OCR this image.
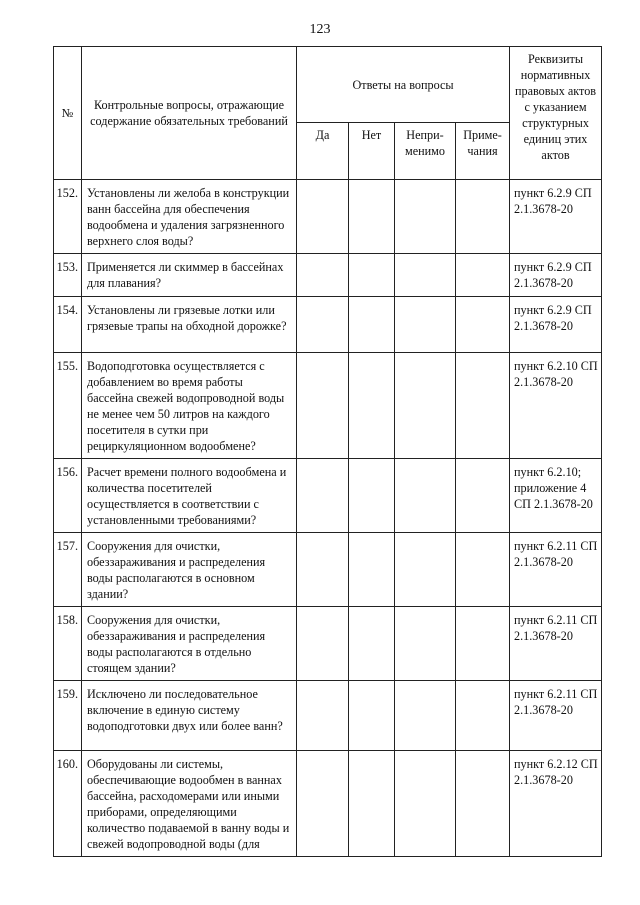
123
№	Контрольные вопросы, отражающие содержание обязательных требований	Ответы на вопросы				Реквизиты нормативных правовых актов с указанием структурных единиц этих актов
		Да	Нет	Непри-менимо	Приме-чания	
152.	Установлены ли желоба в конструкции ванн бассейна для обеспечения водообмена и удаления загрязненного верхнего слоя воды?					пункт 6.2.9 СП 2.1.3678-20
153.	Применяется ли скиммер в бассейнах для плавания?					пункт 6.2.9 СП 2.1.3678-20
154.	Установлены ли грязевые лотки или грязевые трапы на обходной дорожке?					пункт 6.2.9 СП 2.1.3678-20
155.	Водоподготовка осуществляется с добавлением во время работы бассейна свежей водопроводной воды не менее чем 50 литров на каждого посетителя в сутки при рециркуляционном водообмене?					пункт 6.2.10 СП 2.1.3678-20
156.	Расчет времени полного водообмена и количества посетителей осуществляется в соответствии с установленными требованиями?					пункт 6.2.10; приложение 4 СП 2.1.3678-20
157.	Сооружения для очистки, обеззараживания и распределения воды располагаются в основном здании?					пункт 6.2.11 СП 2.1.3678-20
158.	Сооружения для очистки, обеззараживания и распределения воды располагаются в отдельно стоящем здании?					пункт 6.2.11 СП 2.1.3678-20
159.	Исключено ли последовательное включение в единую систему водоподготовки двух или более ванн?					пункт 6.2.11 СП 2.1.3678-20
160.	Оборудованы ли системы, обеспечивающие водообмен в ваннах бассейна, расходомерами или иными приборами, определяющими количество подаваемой в ванну воды и свежей водопроводной воды (для					пункт 6.2.12 СП 2.1.3678-20
